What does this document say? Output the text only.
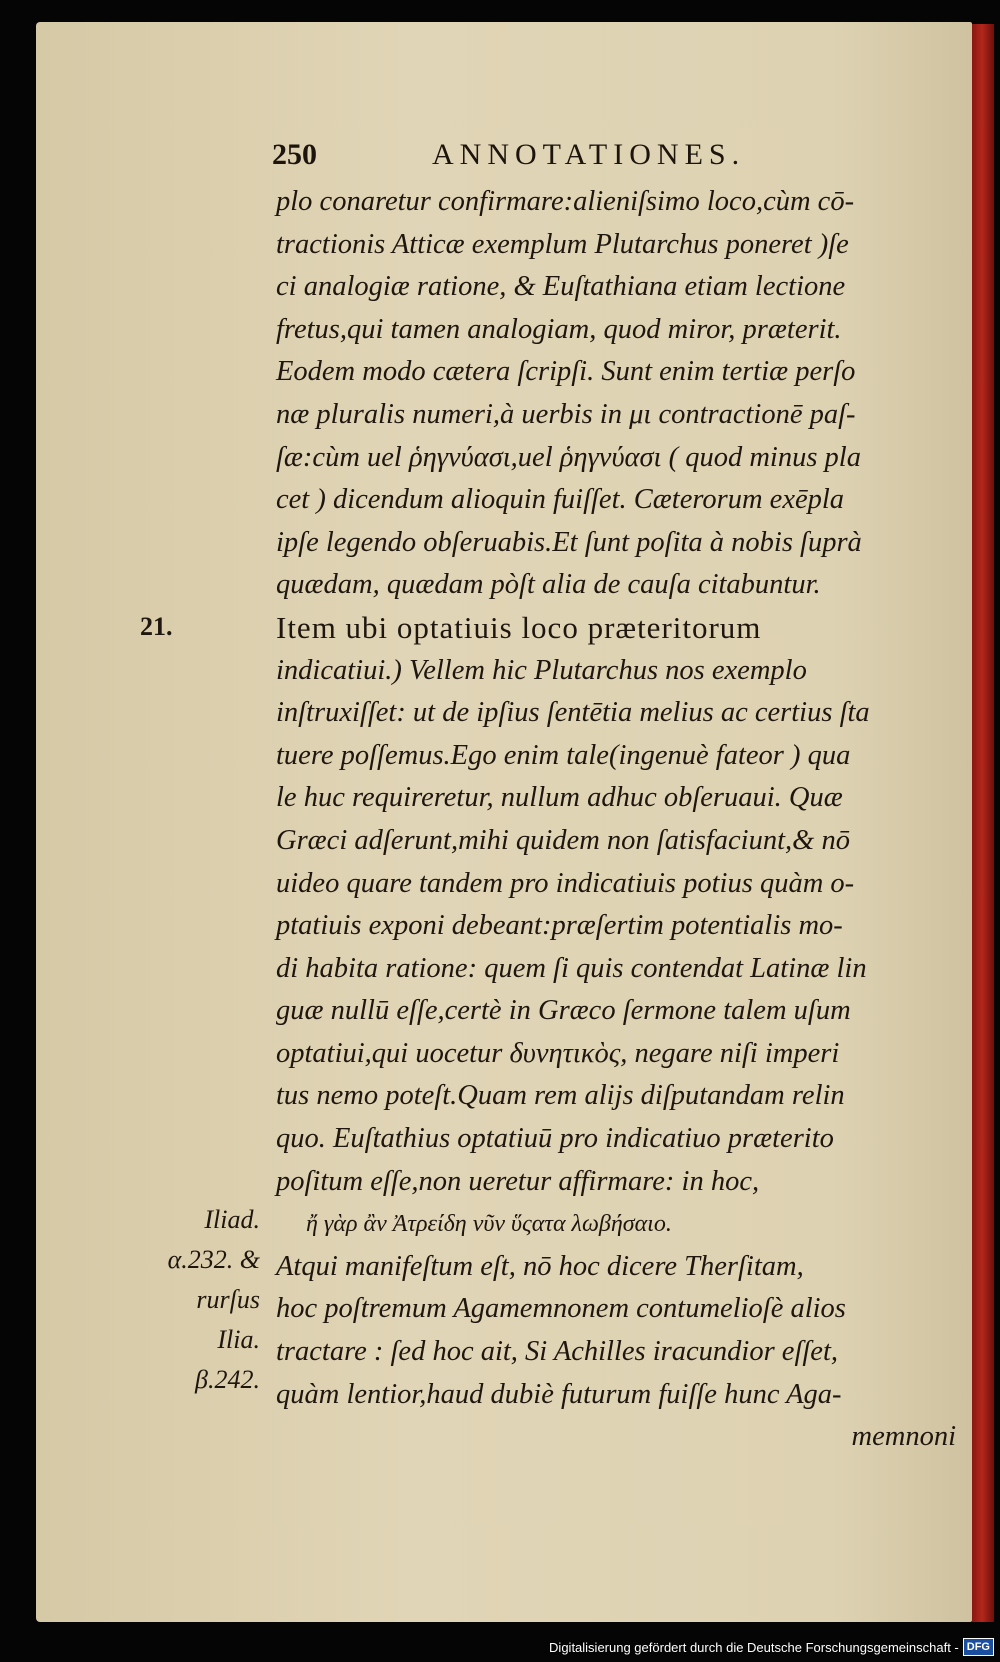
250	ANNOTATIONES.
21.
Iliad.
α.232. &
rurſus Ilia.
β.242.
plo conaretur confirmare:alieniſsimo loco,cùm cō-
tractionis Atticæ exemplum Plutarchus poneret )ſe
ci analogiæ ratione, & Euſtathiana etiam lectione
fretus,qui tamen analogiam, quod miror, præterit.
Eodem modo cætera ſcripſi. Sunt enim tertiæ perſo
næ pluralis numeri,à uerbis in μι contractionē paſ-
ſæ:cùm uel ῥηγνύασι,uel ῥηγνύασι ( quod minus pla
cet ) dicendum alioquin fuiſſet. Cæterorum exēpla
ipſe legendo obſeruabis.Et ſunt poſita à nobis ſuprà
quædam, quædam pòſt alia de cauſa citabuntur.
Item ubi optatiuis loco præteritorum
indicatiui.) Vellem hic Plutarchus nos exemplo
inſtruxiſſet: ut de ipſius ſentētia melius ac certius ſta
tuere poſſemus.Ego enim tale(ingenuè fateor ) qua
le huc requireretur, nullum adhuc obſeruaui. Quæ
Græci adſerunt,mihi quidem non ſatisfaciunt,& nō
uideo quare tandem pro indicatiuis potius quàm o-
ptatiuis exponi debeant:præſertim potentialis mo-
di habita ratione: quem ſi quis contendat Latinæ lin
guæ nullū eſſe,certè in Græco ſermone talem uſum
optatiui,qui uocetur δυνητικὸς, negare niſi imperi
tus nemo poteſt.Quam rem alijs diſputandam relin
quo. Euſtathius optatiuū pro indicatiuo præterito
poſitum eſſe,non ueretur affirmare: in hoc,
ἤ γὰρ ἂν Ἀτρείδη νῦν ὕςατα λωβήσαιο.
Atqui manifeſtum eſt, nō hoc dicere Therſitam,
hoc poſtremum Agamemnonem contumelioſè alios
tractare : ſed hoc ait, Si Achilles iracundior eſſet,
quàm lentior,haud dubiè futurum fuiſſe hunc Aga-
memnoni
Digitalisierung gefördert durch die Deutsche Forschungsgemeinschaft - DFG
